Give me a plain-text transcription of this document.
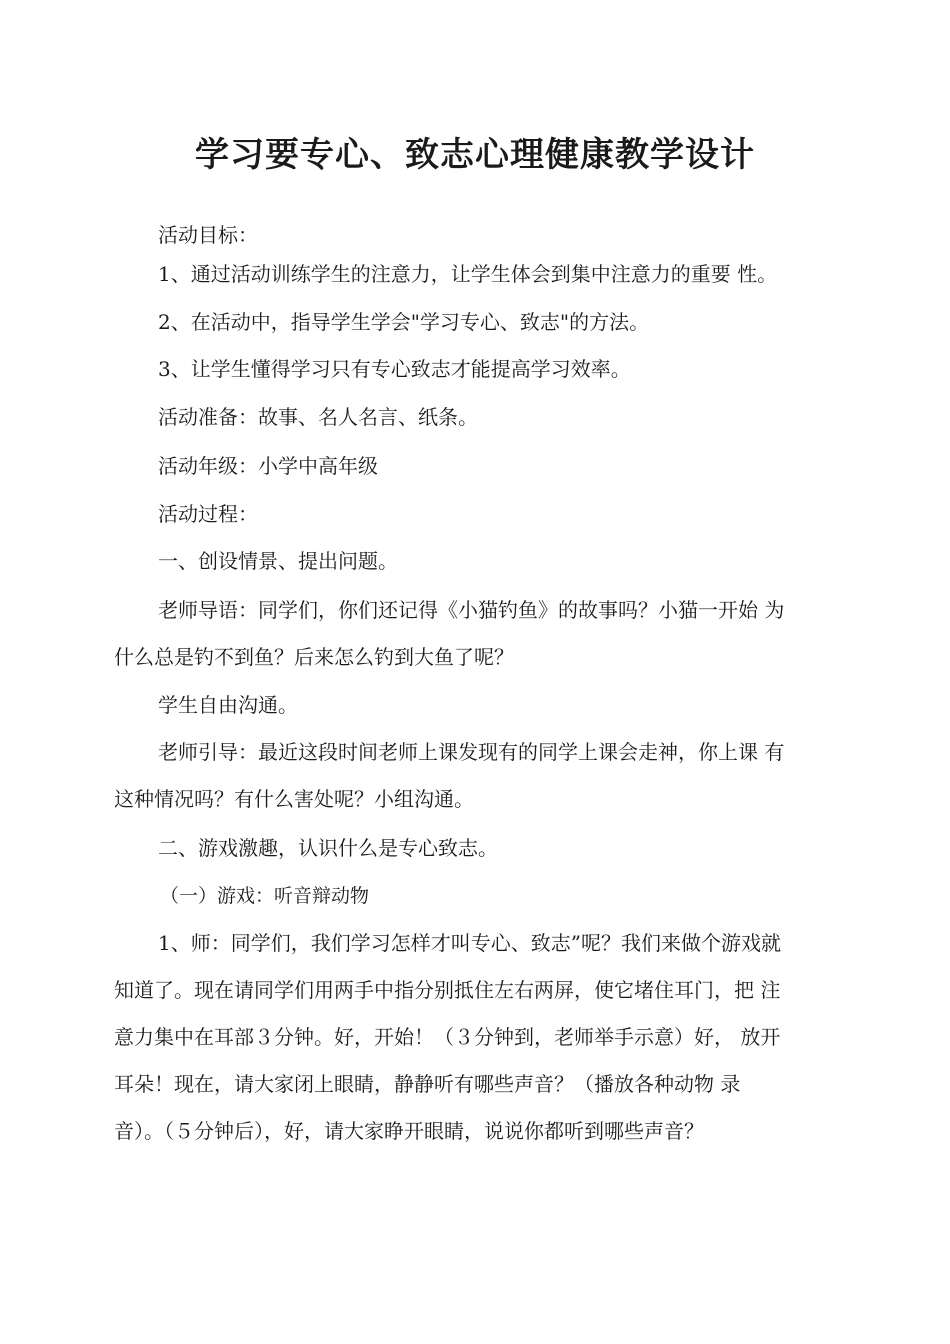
学习要专心、致志心理健康教学设计

活动目标：

1、通过活动训练学生的注意力，让学生体会到集中注意力的重要 性。

2、在活动中，指导学生学会"学习专心、致志"的方法。

3、让学生懂得学习只有专心致志才能提高学习效率。

活动准备：故事、名人名言、纸条。

活动年级：小学中高年级

活动过程：

一、创设情景、提出问题。

老师导语：同学们，你们还记得《小猫钓鱼》的故事吗？小猫一开始 为
什么总是钓不到鱼？后来怎么钓到大鱼了呢？

学生自由沟通。

老师引导：最近这段时间老师上课发现有的同学上课会走神，你上课 有
这种情况吗？有什么害处呢？小组沟通。

二、游戏激趣，认识什么是专心致志。

（一）游戏：听音辩动物

1、师：同学们，我们学习怎样才叫专心、致志”呢？我们来做个游戏就
知道了。现在请同学们用两手中指分别抵住左右两屏，使它堵住耳门，把 注
意力集中在耳部３分钟。好，开始！（３分钟到，老师举手示意）好， 放开
耳朵！现在，请大家闭上眼睛，静静听有哪些声音？（播放各种动物 录
音）。（５分钟后），好，请大家睁开眼睛，说说你都听到哪些声音？
